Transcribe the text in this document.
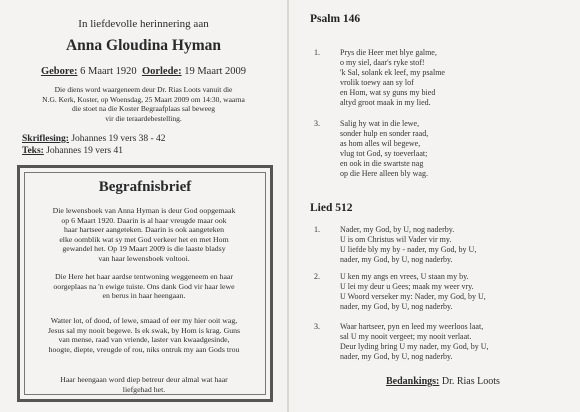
In liefdevolle herinnering aan
Anna Gloudina Hyman
Gebore: 6 Maart 1920 Oorlede: 19 Maart 2009
Die diens word waargeneem deur Dr. Rias Loots vanuit die
N.G. Kerk, Koster, op Woensdag, 25 Maart 2009 om 14:30, waarna
die stoet na die Koster Begraafplaas sal beweeg
vir die teraardebestelling.
Skriflesing: Johannes 19 vers 38 - 42
Teks: Johannes 19 vers 41
Begrafnisbrief
Die lewensboek van Anna Hyman is deur God oopgemaak
op 6 Maart 1920. Daarin is al haar vreugde maar ook
haar hartseer aangeteken. Daarin is ook aangeteken
elke oomblik wat sy met God verkeer het en met Hom
gewandel het. Op 19 Maart 2009 is die laaste bladsy
van haar lewensboek voltooi.
Die Here het haar aardse tentwoning weggeneem en haar
oorgeplaas na 'n ewige tuiste. Ons dank God vir haar lewe
en berus in haar heengaan.
Watter lot, of dood, of lewe, smaad of eer my hier ooit wag,
Jesus sal my nooit begewe. Is ek swak, by Hom is krag. Guns
van mense, raad van vriende, laster van kwaadgesinde,
hoogte, diepte, vreugde of rou, niks ontruk my aan Gods trou
Haar heengaan word diep betreur deur almal wat haar
liefgehad het.
Psalm 146
1.	Prys die Heer met blye galme,
o my siel, daar's ryke stof!
'k Sal, solank ek leef, my psalme
vrolik toewy aan sy lof
en Hom, wat sy guns my bied
altyd groot maak in my lied.
3.	Salig hy wat in die lewe,
sonder hulp en sonder raad,
as hom alles wil begewe,
vlug tot God, sy toeverlaat;
en ook in die swartste nag
op die Here alleen bly wag.
Lied 512
1.	Nader, my God, by U, nog naderby.
U is om Christus wil Vader vir my.
U liefde bly my by - nader, my God, by U,
nader, my God, by U, nog naderby.
2.	U ken my angs en vrees, U staan my by.
U lei my deur u Gees; maak my weer vry.
U Woord verseker my: Nader, my God, by U,
nader, my God, by U, nog naderby.
3.	Waar hartseer, pyn en leed my weerloos laat,
sal U my nooit vergeet; my nooit verlaat.
Deur lyding bring U my nader, my God, by U,
nader, my God, by U, nog naderby.
Bedankings: Dr. Rias Loots
